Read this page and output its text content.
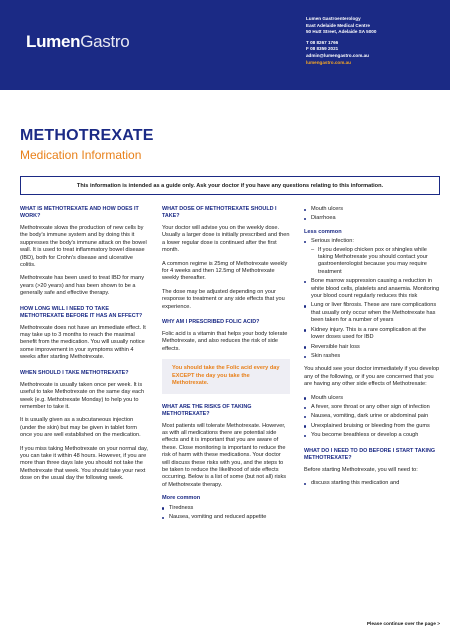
LumenGastro
Lumen Gastroenterology
East Adelaide Medical Centre
50 Hutt Street, Adelaide SA 5000
T 08 8267 1766
F 08 8359 2021
admin@lumengastro.com.au
lumengastro.com.au
METHOTREXATE
Medication Information
This information is intended as a guide only. Ask your doctor if you have any questions relating to this information.
WHAT IS METHOTREXATE AND HOW DOES IT WORK?
Methotrexate slows the production of new cells by the body's immune system and by doing this it suppresses the body's immune attack on the bowel wall. It is used to treat inflammatory bowel disease (IBD), both for Crohn's disease and ulcerative colitis.
Methotrexate has been used to treat IBD for many years (>20 years) and has been shown to be a generally safe and effective therapy.
HOW LONG WILL I NEED TO TAKE METHOTREXATE BEFORE IT HAS AN EFFECT?
Methotrexate does not have an immediate effect. It may take up to 3 months to reach the maximal benefit from the medication. You will usually notice some improvement in your symptoms within 4 weeks after starting Methotrexate.
WHEN SHOULD I TAKE METHOTREXATE?
Methotrexate is usually taken once per week. It is useful to take Methotrexate on the same day each week (e.g. Methotrexate Monday) to help you to remember to take it.
It is usually given as a subcutaneous injection (under the skin) but may be given in tablet form once you are well established on the medication.
If you miss taking Methotrexate on your normal day, you can take it within 48 hours. However, if you are more than three days late you should not take the Methotrexate that week. You should take your next dose on the usual day the following week.
WHAT DOSE OF METHOTREXATE SHOULD I TAKE?
Your doctor will advise you on the weekly dose. Usually a larger dose is initially prescribed and then a lower regular dose is continued after the first month.
A common regime is 25mg of Methotrexate weekly for 4 weeks and then 12.5mg of Methotrexate weekly thereafter.
The dose may be adjusted depending on your response to treatment or any side effects that you experience.
WHY AM I PRESCRIBED FOLIC ACID?
Folic acid is a vitamin that helps your body tolerate Methotrexate, and also reduces the risk of side effects.
You should take the Folic acid every day EXCEPT the day you take the Methotrexate.
WHAT ARE THE RISKS OF TAKING METHOTREXATE?
Most patients will tolerate Methotrexate. However, as with all medications there are potential side effects and it is important that you are aware of these. Close monitoring is important to reduce the risk of harm with these medications. Your doctor will discuss these risks with you, and the steps to be taken to reduce the likelihood of side effects occurring. Below is a list of some (but not all) risks of Methotrexate therapy.
More common
Tiredness
Nausea, vomiting and reduced appetite
Mouth ulcers
Diarrhoea
Less common
Serious infection:
– If you develop chicken pox or shingles while taking Methotrexate you should contact your gastroenterologist because you may require treatment
Bone marrow suppression causing a reduction in white blood cells, platelets and anaemia. Monitoring your blood count regularly reduces this risk
Lung or liver fibrosis. These are rare complications that usually only occur when the Methotrexate has been taken for a number of years
Kidney injury. This is a rare complication at the lower doses used for IBD
Reversible hair loss
Skin rashes
You should see your doctor immediately if you develop any of the following, or if you are concerned that you are having any other side effects of Methotrexate:
Mouth ulcers
A fever, sore throat or any other sign of infection
Nausea, vomiting, dark urine or abdominal pain
Unexplained bruising or bleeding from the gums
You become breathless or develop a cough
WHAT DO I NEED TO DO BEFORE I START TAKING METHOTREXATE?
Before starting Methotrexate, you will need to:
discuss starting this medication and
Please continue over the page >
